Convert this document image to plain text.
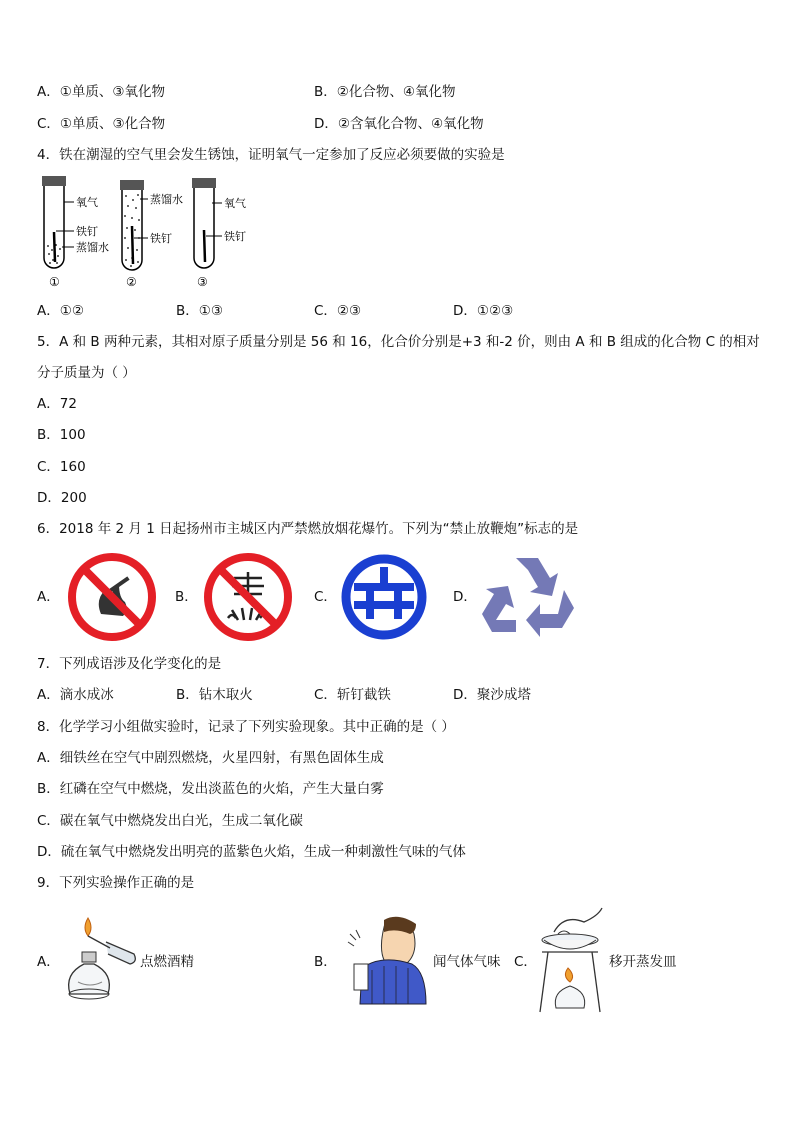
A．①单质、③氧化物	B．②化合物、④氧化物
C．①单质、③化合物	D．②含氧化合物、④氧化物
4．铁在潮湿的空气里会发生锈蚀，证明氧气一定参加了反应必须要做的实验是
氧气
铁钉
蒸馏水
①
蒸馏水
铁钉
②
氧气
铁钉
③
A．①②	B．①③	C．②③	D．①②③
5．A 和 B 两种元素，其相对原子质量分别是 56 和 16，化合价分别是+3 和-2 价，则由 A 和 B 组成的化合物 C 的相对
分子质量为（ ）
A．72
B．100
C．160
D．200
6．2018 年 2 月 1 日起扬州市主城区内严禁燃放烟花爆竹。下列为“禁止放鞭炮”标志的是
A．	B．	C．	D．
7．下列成语涉及化学变化的是
A．滴水成冰	B．钻木取火	C．斩钉截铁	D．聚沙成塔
8．化学学习小组做实验时，记录了下列实验现象。其中正确的是（ ）
A．细铁丝在空气中剧烈燃烧，火星四射，有黑色固体生成
B．红磷在空气中燃烧，发出淡蓝色的火焰，产生大量白雾
C．碳在氧气中燃烧发出白光，生成二氧化碳
D．硫在氧气中燃烧发出明亮的蓝紫色火焰，生成一种刺激性气味的气体
9．下列实验操作正确的是
A．	点燃酒精	B．	闻气体气味 C．	移开蒸发皿
